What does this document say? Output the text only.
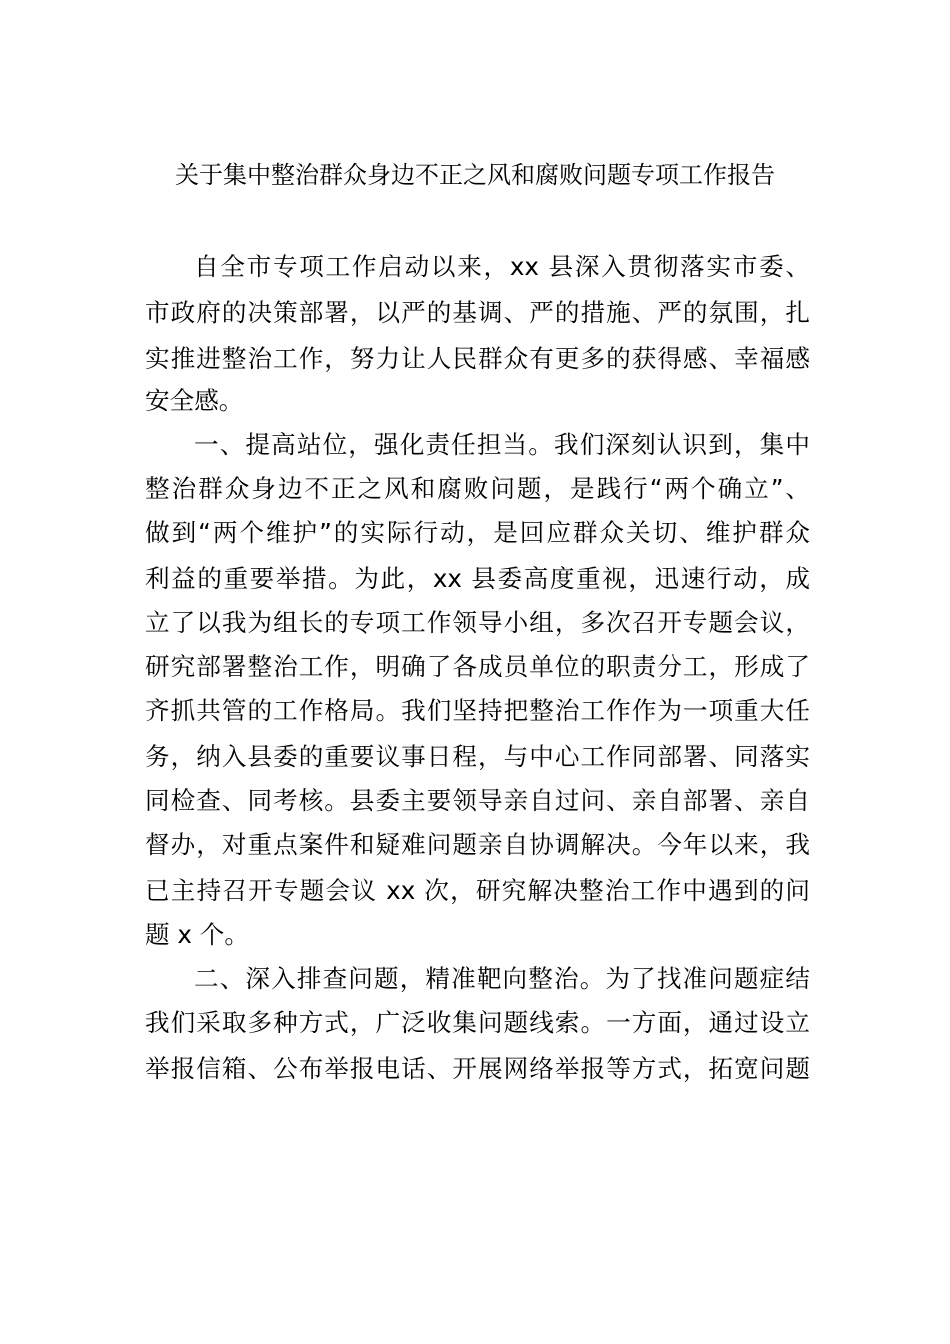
关于集中整治群众身边不正之风和腐败问题专项工作报告
自全市专项工作启动以来，xx 县深入贯彻落实市委、
市政府的决策部署，以严的基调、严的措施、严的氛围，扎
实推进整治工作，努力让人民群众有更多的获得感、幸福感
安全感。
一、提高站位，强化责任担当。我们深刻认识到，集中
整治群众身边不正之风和腐败问题，是践行“两个确立”、
做到“两个维护”的实际行动，是回应群众关切、维护群众
利益的重要举措。为此，xx 县委高度重视，迅速行动，成
立了以我为组长的专项工作领导小组，多次召开专题会议，
研究部署整治工作，明确了各成员单位的职责分工，形成了
齐抓共管的工作格局。我们坚持把整治工作作为一项重大任
务，纳入县委的重要议事日程，与中心工作同部署、同落实
同检查、同考核。县委主要领导亲自过问、亲自部署、亲自
督办，对重点案件和疑难问题亲自协调解决。今年以来，我
已主持召开专题会议 xx 次，研究解决整治工作中遇到的问
题 x 个。
二、深入排查问题，精准靶向整治。为了找准问题症结
我们采取多种方式，广泛收集问题线索。一方面，通过设立
举报信箱、公布举报电话、开展网络举报等方式，拓宽问题
